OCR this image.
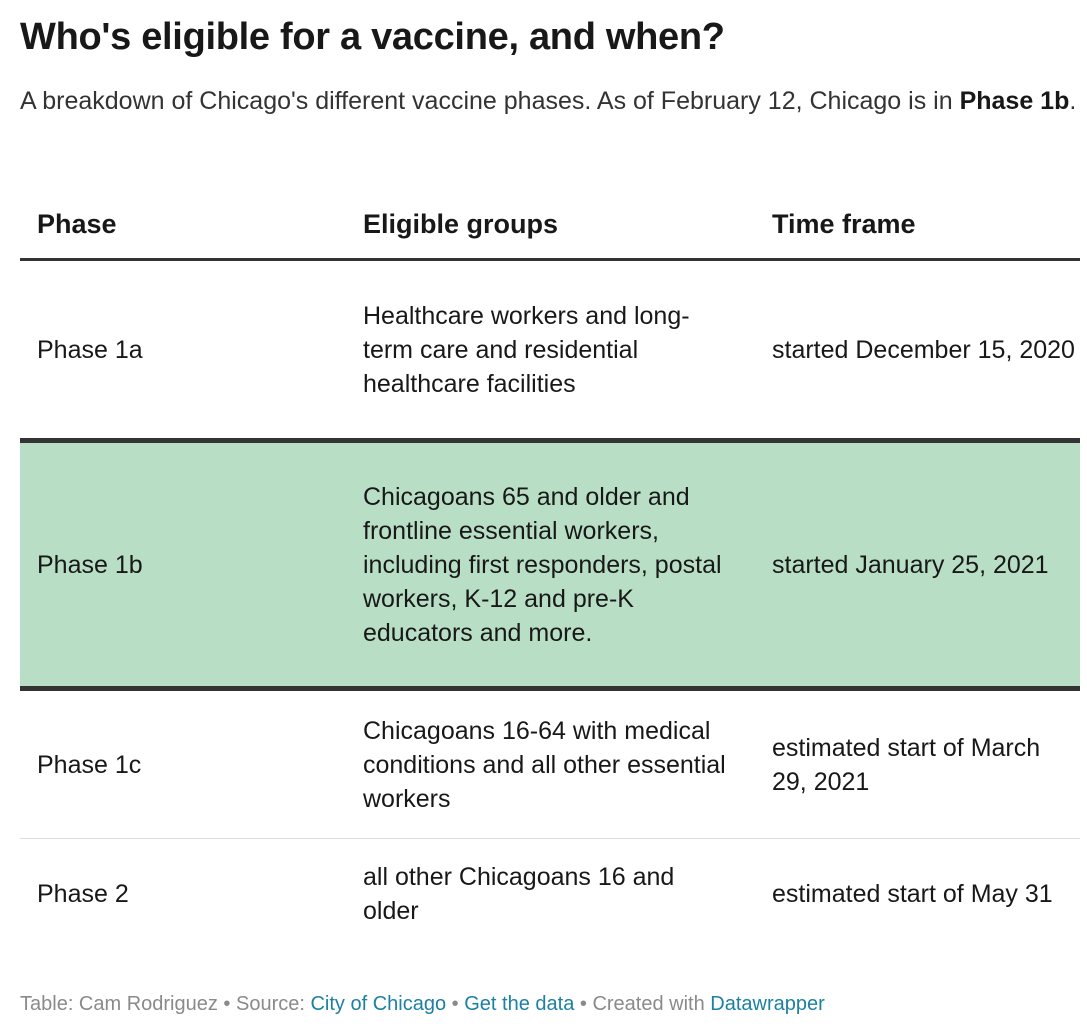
Who's eligible for a vaccine, and when?

A breakdown of Chicago's different vaccine phases. As of February 12, Chicago is in Phase 1b.

Phase	Eligible groups	Time frame
Phase 1a
Healthcare workers and long-term care and residential healthcare facilities
started December 15, 2020
Phase 1b
Chicagoans 65 and older and frontline essential workers, including first responders, postal workers, K-12 and pre-K educators and more.
started January 25, 2021
Phase 1c
Chicagoans 16-64 with medical conditions and all other essential workers
estimated start of March 29, 2021
Phase 2
all other Chicagoans 16 and older
estimated start of May 31
Table: Cam Rodriguez • Source: City of Chicago • Get the data • Created with Datawrapper
